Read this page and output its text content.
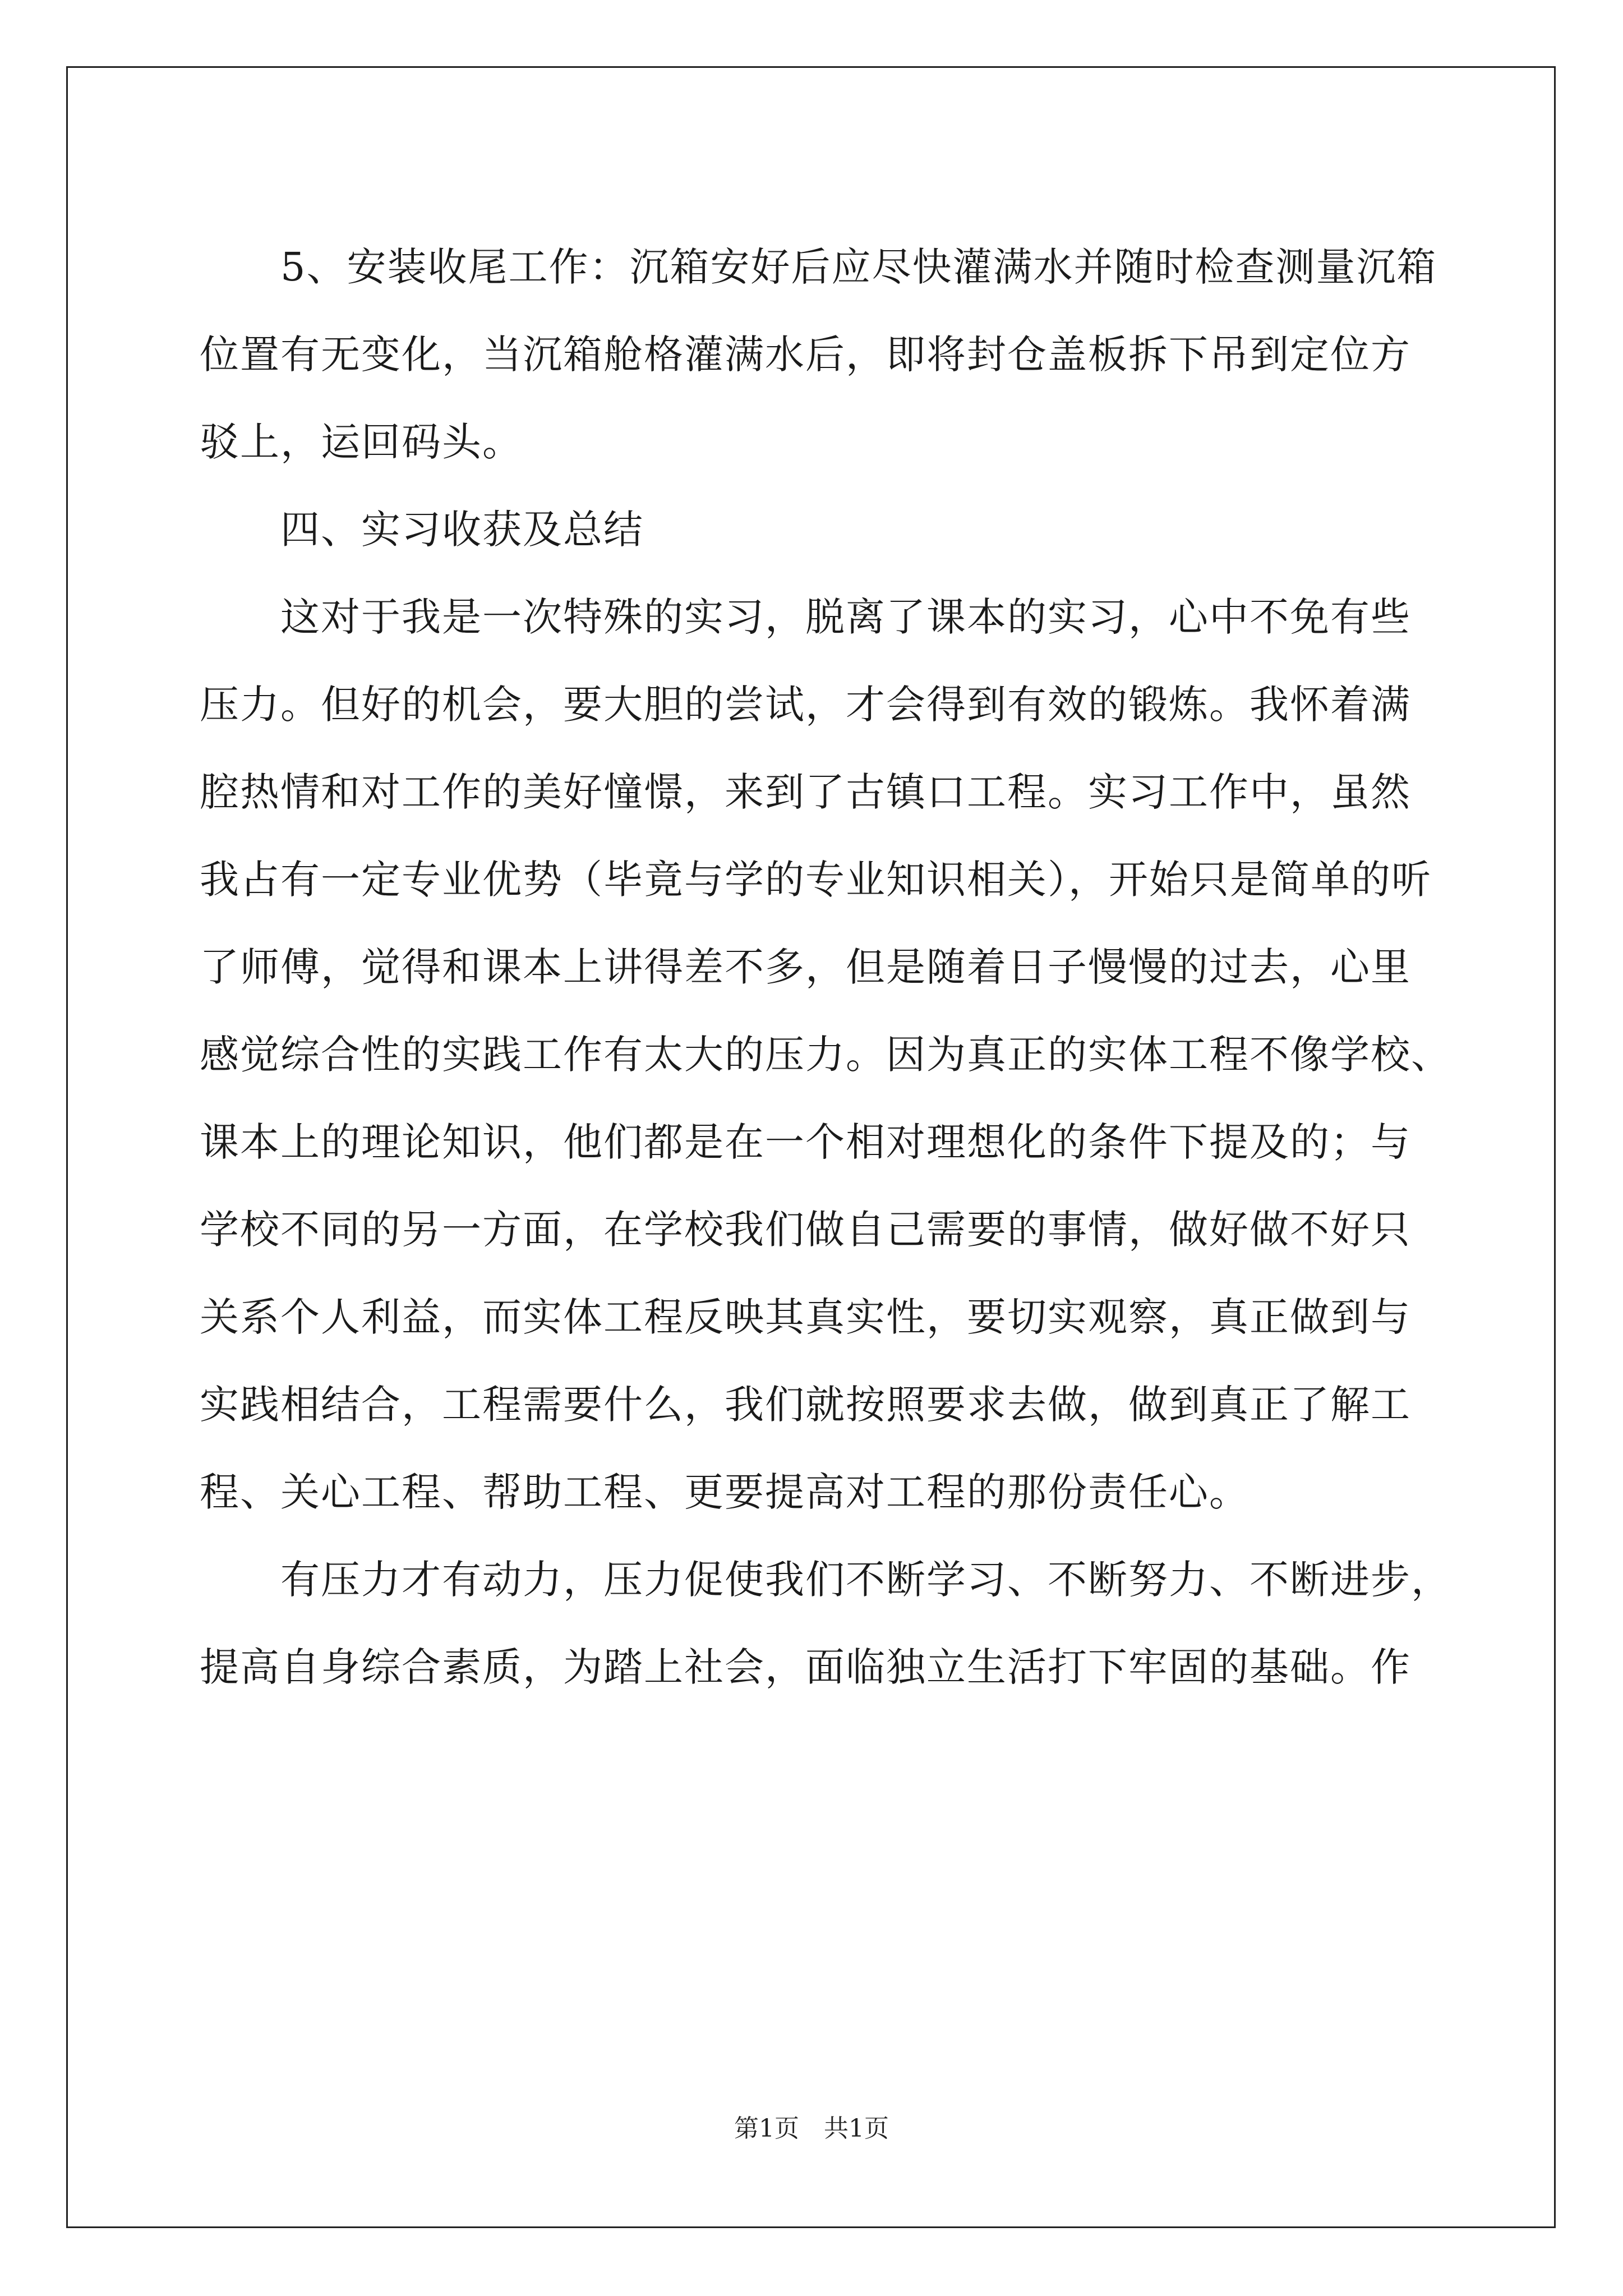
　　5、安装收尾工作：沉箱安好后应尽快灌满水并随时检查测量沉箱
位置有无变化，当沉箱舱格灌满水后，即将封仓盖板拆下吊到定位方
驳上，运回码头。
　　四、实习收获及总结
　　这对于我是一次特殊的实习，脱离了课本的实习，心中不免有些
压力。但好的机会，要大胆的尝试，才会得到有效的锻炼。我怀着满
腔热情和对工作的美好憧憬，来到了古镇口工程。实习工作中，虽然
我占有一定专业优势（毕竟与学的专业知识相关），开始只是简单的听
了师傅，觉得和课本上讲得差不多，但是随着日子慢慢的过去，心里
感觉综合性的实践工作有太大的压力。因为真正的实体工程不像学校、
课本上的理论知识，他们都是在一个相对理想化的条件下提及的；与
学校不同的另一方面，在学校我们做自己需要的事情，做好做不好只
关系个人利益，而实体工程反映其真实性，要切实观察，真正做到与
实践相结合，工程需要什么，我们就按照要求去做，做到真正了解工
程、关心工程、帮助工程、更要提高对工程的那份责任心。
　　有压力才有动力，压力促使我们不断学习、不断努力、不断进步，
提高自身综合素质，为踏上社会，面临独立生活打下牢固的基础。作
第1页　共1页
